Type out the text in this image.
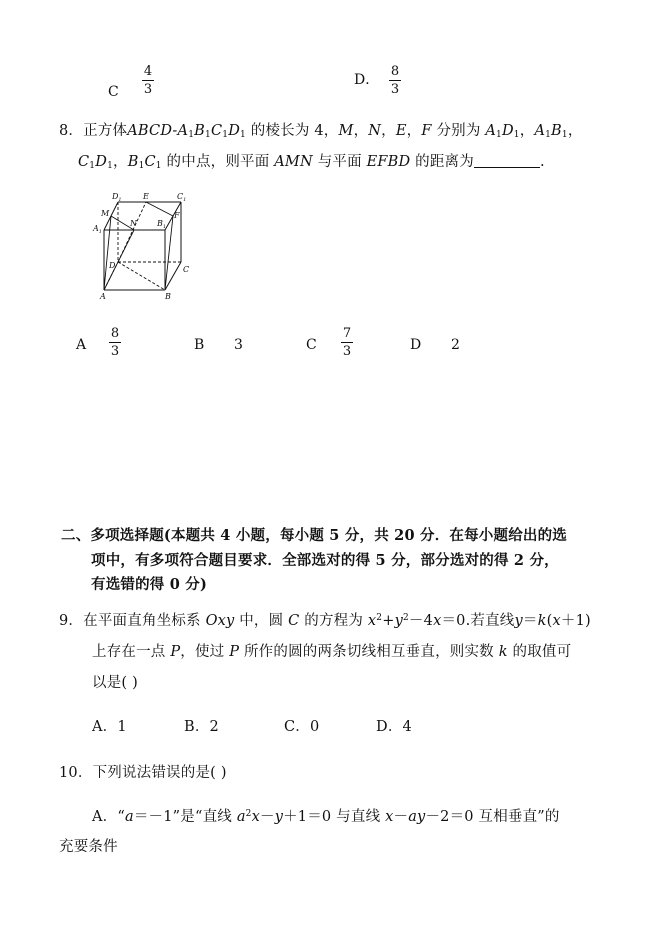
C
4
3
D．
8
3
8．正方体ABCD-$A_1B_1C_1D_1$ 的棱长为 4，M，N，E，F 分别为 $A_1D_1$，$A_1B_1$，
$C_1D_1$，$B_1C_1$ 的中点，则平面 AMN 与平面 EFBD 的距离为	.
$D_1$	E	$C_1$
M
N
F
$A_1$
$B_1$
D	C
A	B
A
8
3	B 3	C
7
3	D 2
二、多项选择题(本题共 4 小题，每小题 5 分，共 20 分．在每小题给出的选
项中，有多项符合题目要求．全部选对的得 5 分，部分选对的得 2 分，
有选错的得 0 分)
9．在平面直角坐标系 Oxy 中，圆 C 的方程为 $x^2+y^2-4x=0$.若直线y＝k(x＋1)
上存在一点 P，使过 P 所作的圆的两条切线相互垂直，则实数 k 的取值可
以是( )
A．1	B．2	C．0	D．4
10．下列说法错误的是( )
A．“a＝－1”是“直线 $a^2x-y+1=0$ 与直线 x－ay－2＝0 互相垂直”的
充要条件
